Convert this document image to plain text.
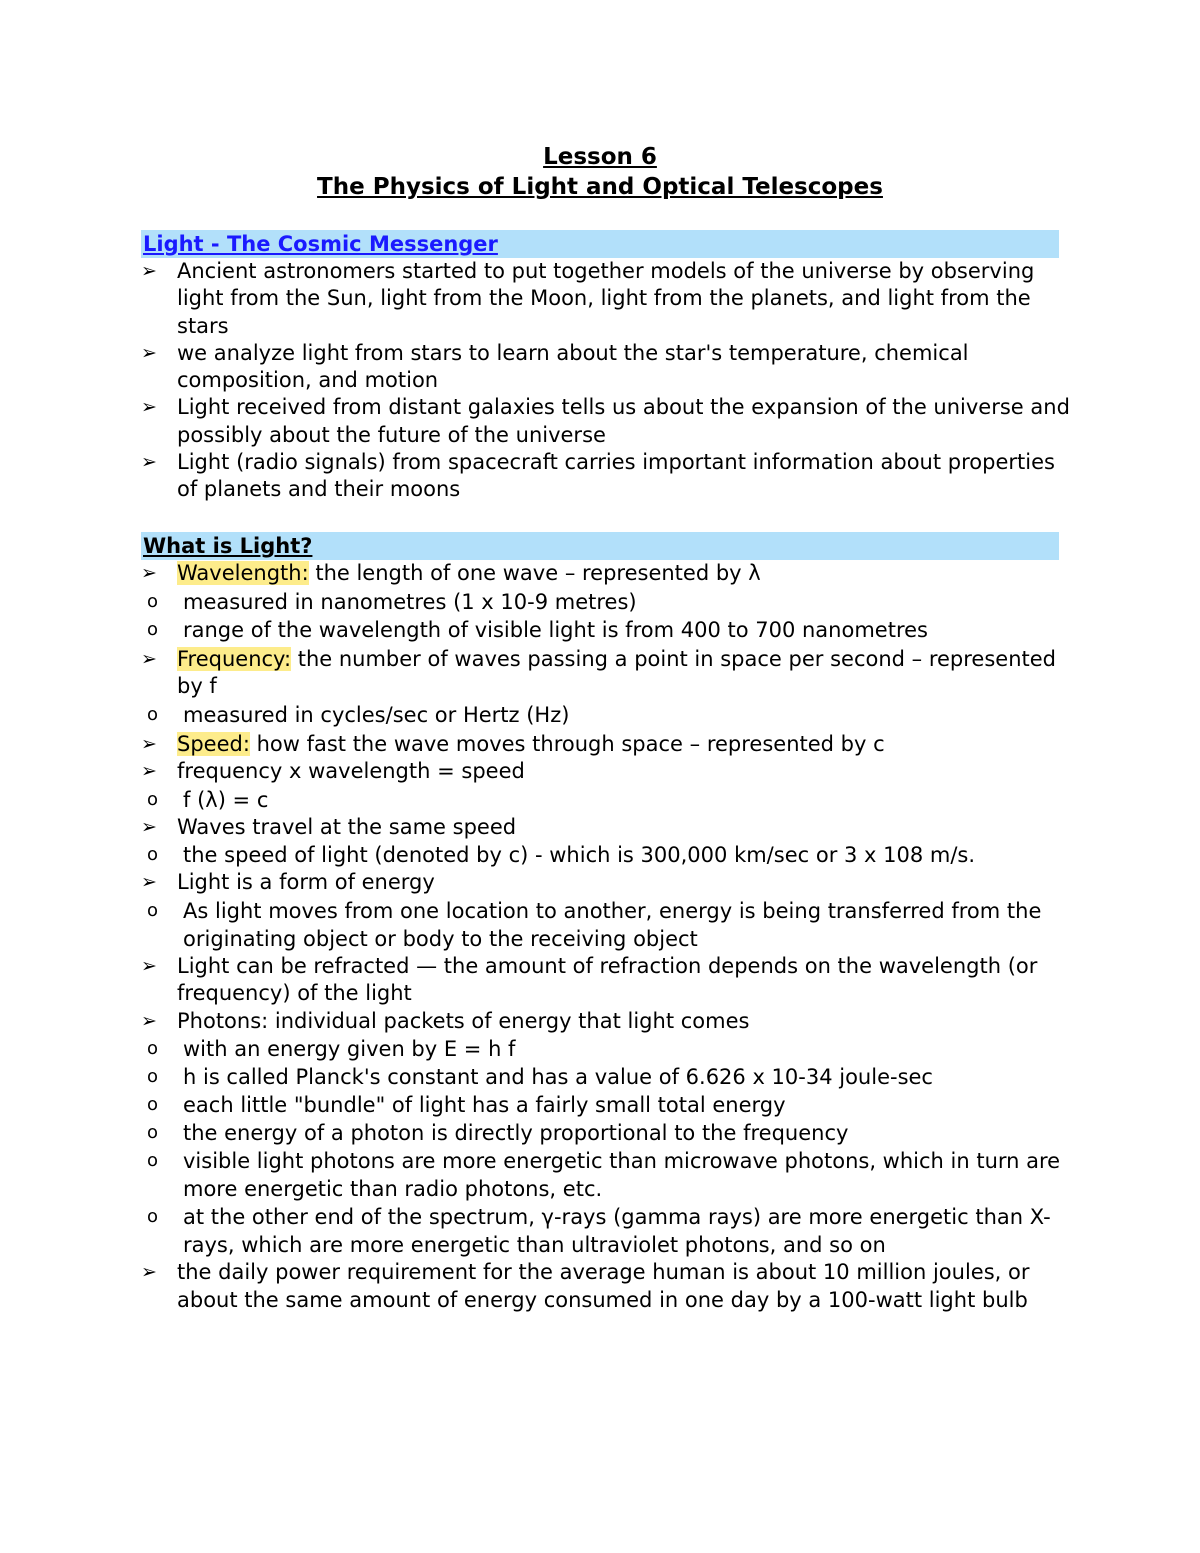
Lesson 6
The Physics of Light and Optical Telescopes
Light - The Cosmic Messenger
➢ Ancient astronomers started to put together models of the universe by observing light from the Sun, light from the Moon, light from the planets, and light from the stars
➢ we analyze light from stars to learn about the star's temperature, chemical composition, and motion
➢ Light received from distant galaxies tells us about the expansion of the universe and possibly about the future of the universe
➢ Light (radio signals) from spacecraft carries important information about properties of planets and their moons
What is Light?
➢ Wavelength: the length of one wave – represented by λ
o measured in nanometres (1 x 10-9 metres)
o range of the wavelength of visible light is from 400 to 700 nanometres
➢ Frequency: the number of waves passing a point in space per second – represented by f
o measured in cycles/sec or Hertz (Hz)
➢ Speed: how fast the wave moves through space – represented by c
➢ frequency x wavelength = speed
o f (λ) = c
➢ Waves travel at the same speed
o the speed of light (denoted by c) - which is 300,000 km/sec or 3 x 108 m/s.
➢ Light is a form of energy
o As light moves from one location to another, energy is being transferred from the originating object or body to the receiving object
➢ Light can be refracted — the amount of refraction depends on the wavelength (or frequency) of the light
➢ Photons: individual packets of energy that light comes
o with an energy given by E = h f
o h is called Planck's constant and has a value of 6.626 x 10-34 joule-sec
o each little "bundle" of light has a fairly small total energy
o the energy of a photon is directly proportional to the frequency
o visible light photons are more energetic than microwave photons, which in turn are more energetic than radio photons, etc.
o at the other end of the spectrum, γ-rays (gamma rays) are more energetic than X-rays, which are more energetic than ultraviolet photons, and so on
➢ the daily power requirement for the average human is about 10 million joules, or about the same amount of energy consumed in one day by a 100-watt light bulb
